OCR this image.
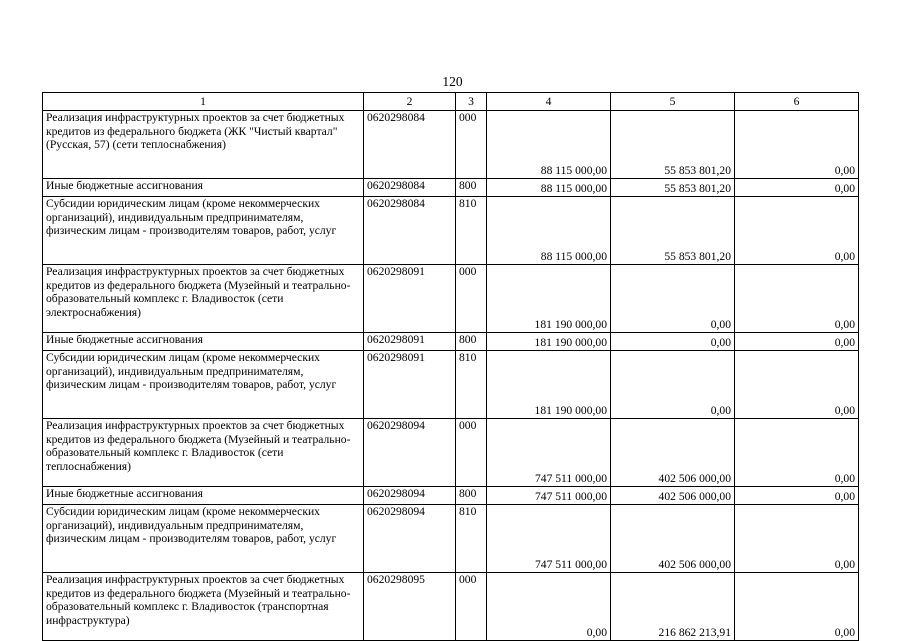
120
1	2	3	4	5	6
Реализация инфраструктурных проектов за счет бюджетных кредитов из федерального бюджета (ЖК "Чистый квартал" (Русская, 57) (сети теплоснабжения)	0620298084	000	88 115 000,00	55 853 801,20	0,00
Иные бюджетные ассигнования	0620298084	800	88 115 000,00	55 853 801,20	0,00
Субсидии юридическим лицам (кроме некоммерческих организаций), индивидуальным предпринимателям, физическим лицам - производителям товаров, работ, услуг	0620298084	810	88 115 000,00	55 853 801,20	0,00
Реализация инфраструктурных проектов за счет бюджетных кредитов из федерального бюджета (Музейный и театрально-образовательный комплекс г. Владивосток (сети электроснабжения)	0620298091	000	181 190 000,00	0,00	0,00
Иные бюджетные ассигнования	0620298091	800	181 190 000,00	0,00	0,00
Субсидии юридическим лицам (кроме некоммерческих организаций), индивидуальным предпринимателям, физическим лицам - производителям товаров, работ, услуг	0620298091	810	181 190 000,00	0,00	0,00
Реализация инфраструктурных проектов за счет бюджетных кредитов из федерального бюджета (Музейный и театрально-образовательный комплекс г. Владивосток (сети теплоснабжения)	0620298094	000	747 511 000,00	402 506 000,00	0,00
Иные бюджетные ассигнования	0620298094	800	747 511 000,00	402 506 000,00	0,00
Субсидии юридическим лицам (кроме некоммерческих организаций), индивидуальным предпринимателям, физическим лицам - производителям товаров, работ, услуг	0620298094	810	747 511 000,00	402 506 000,00	0,00
Реализация инфраструктурных проектов за счет бюджетных кредитов из федерального бюджета (Музейный и театрально-образовательный комплекс г. Владивосток (транспортная инфраструктура)	0620298095	000	0,00	216 862 213,91	0,00
